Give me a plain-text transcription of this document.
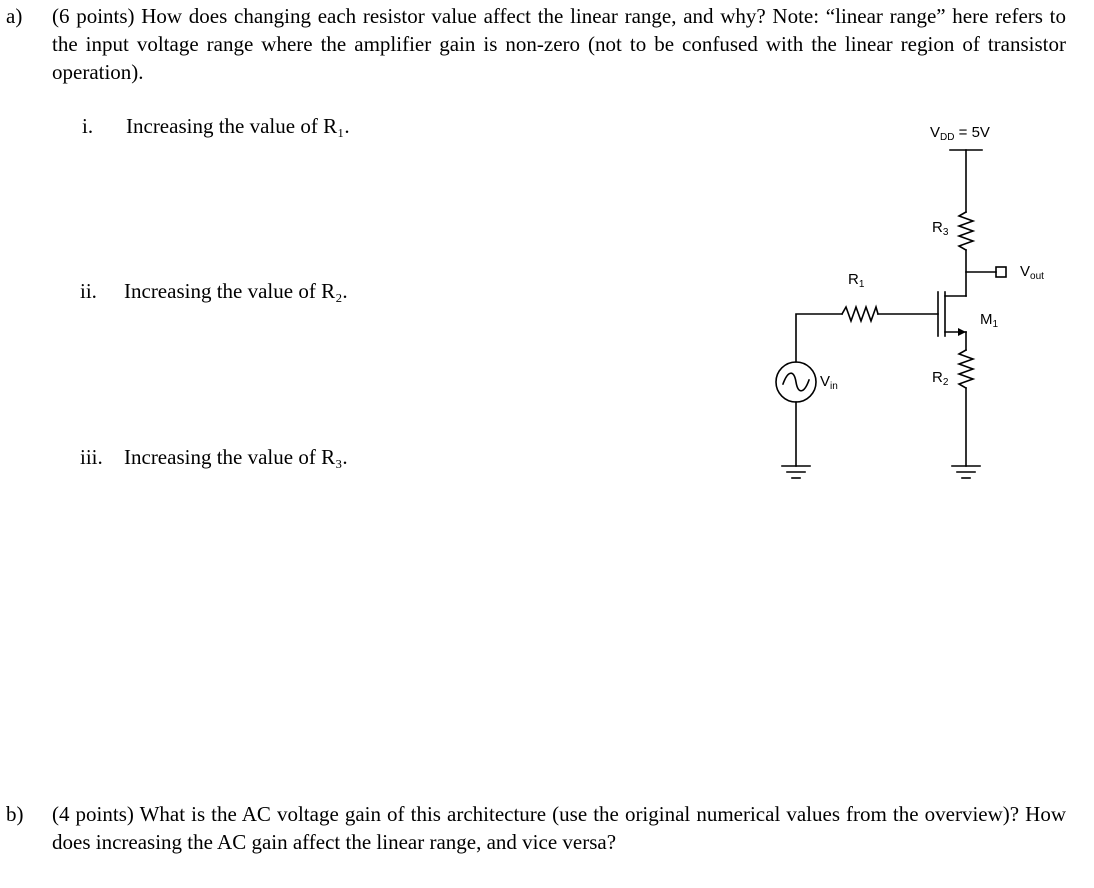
a) (6 points) How does changing each resistor value affect the linear range, and why? Note: “linear range” here refers to the input voltage range where the amplifier gain is non-zero (not to be confused with the linear region of transistor operation).
i. Increasing the value of R₁.
ii. Increasing the value of R₂.
iii. Increasing the value of R₃.
$V_{DD} = 5V$
$R_3$
$R_1$
$V_{out}$
$M_1$
$R_2$
$V_{in}$
b) (4 points) What is the AC voltage gain of this architecture (use the original numerical values from the overview)? How does increasing the AC gain affect the linear range, and vice versa?
